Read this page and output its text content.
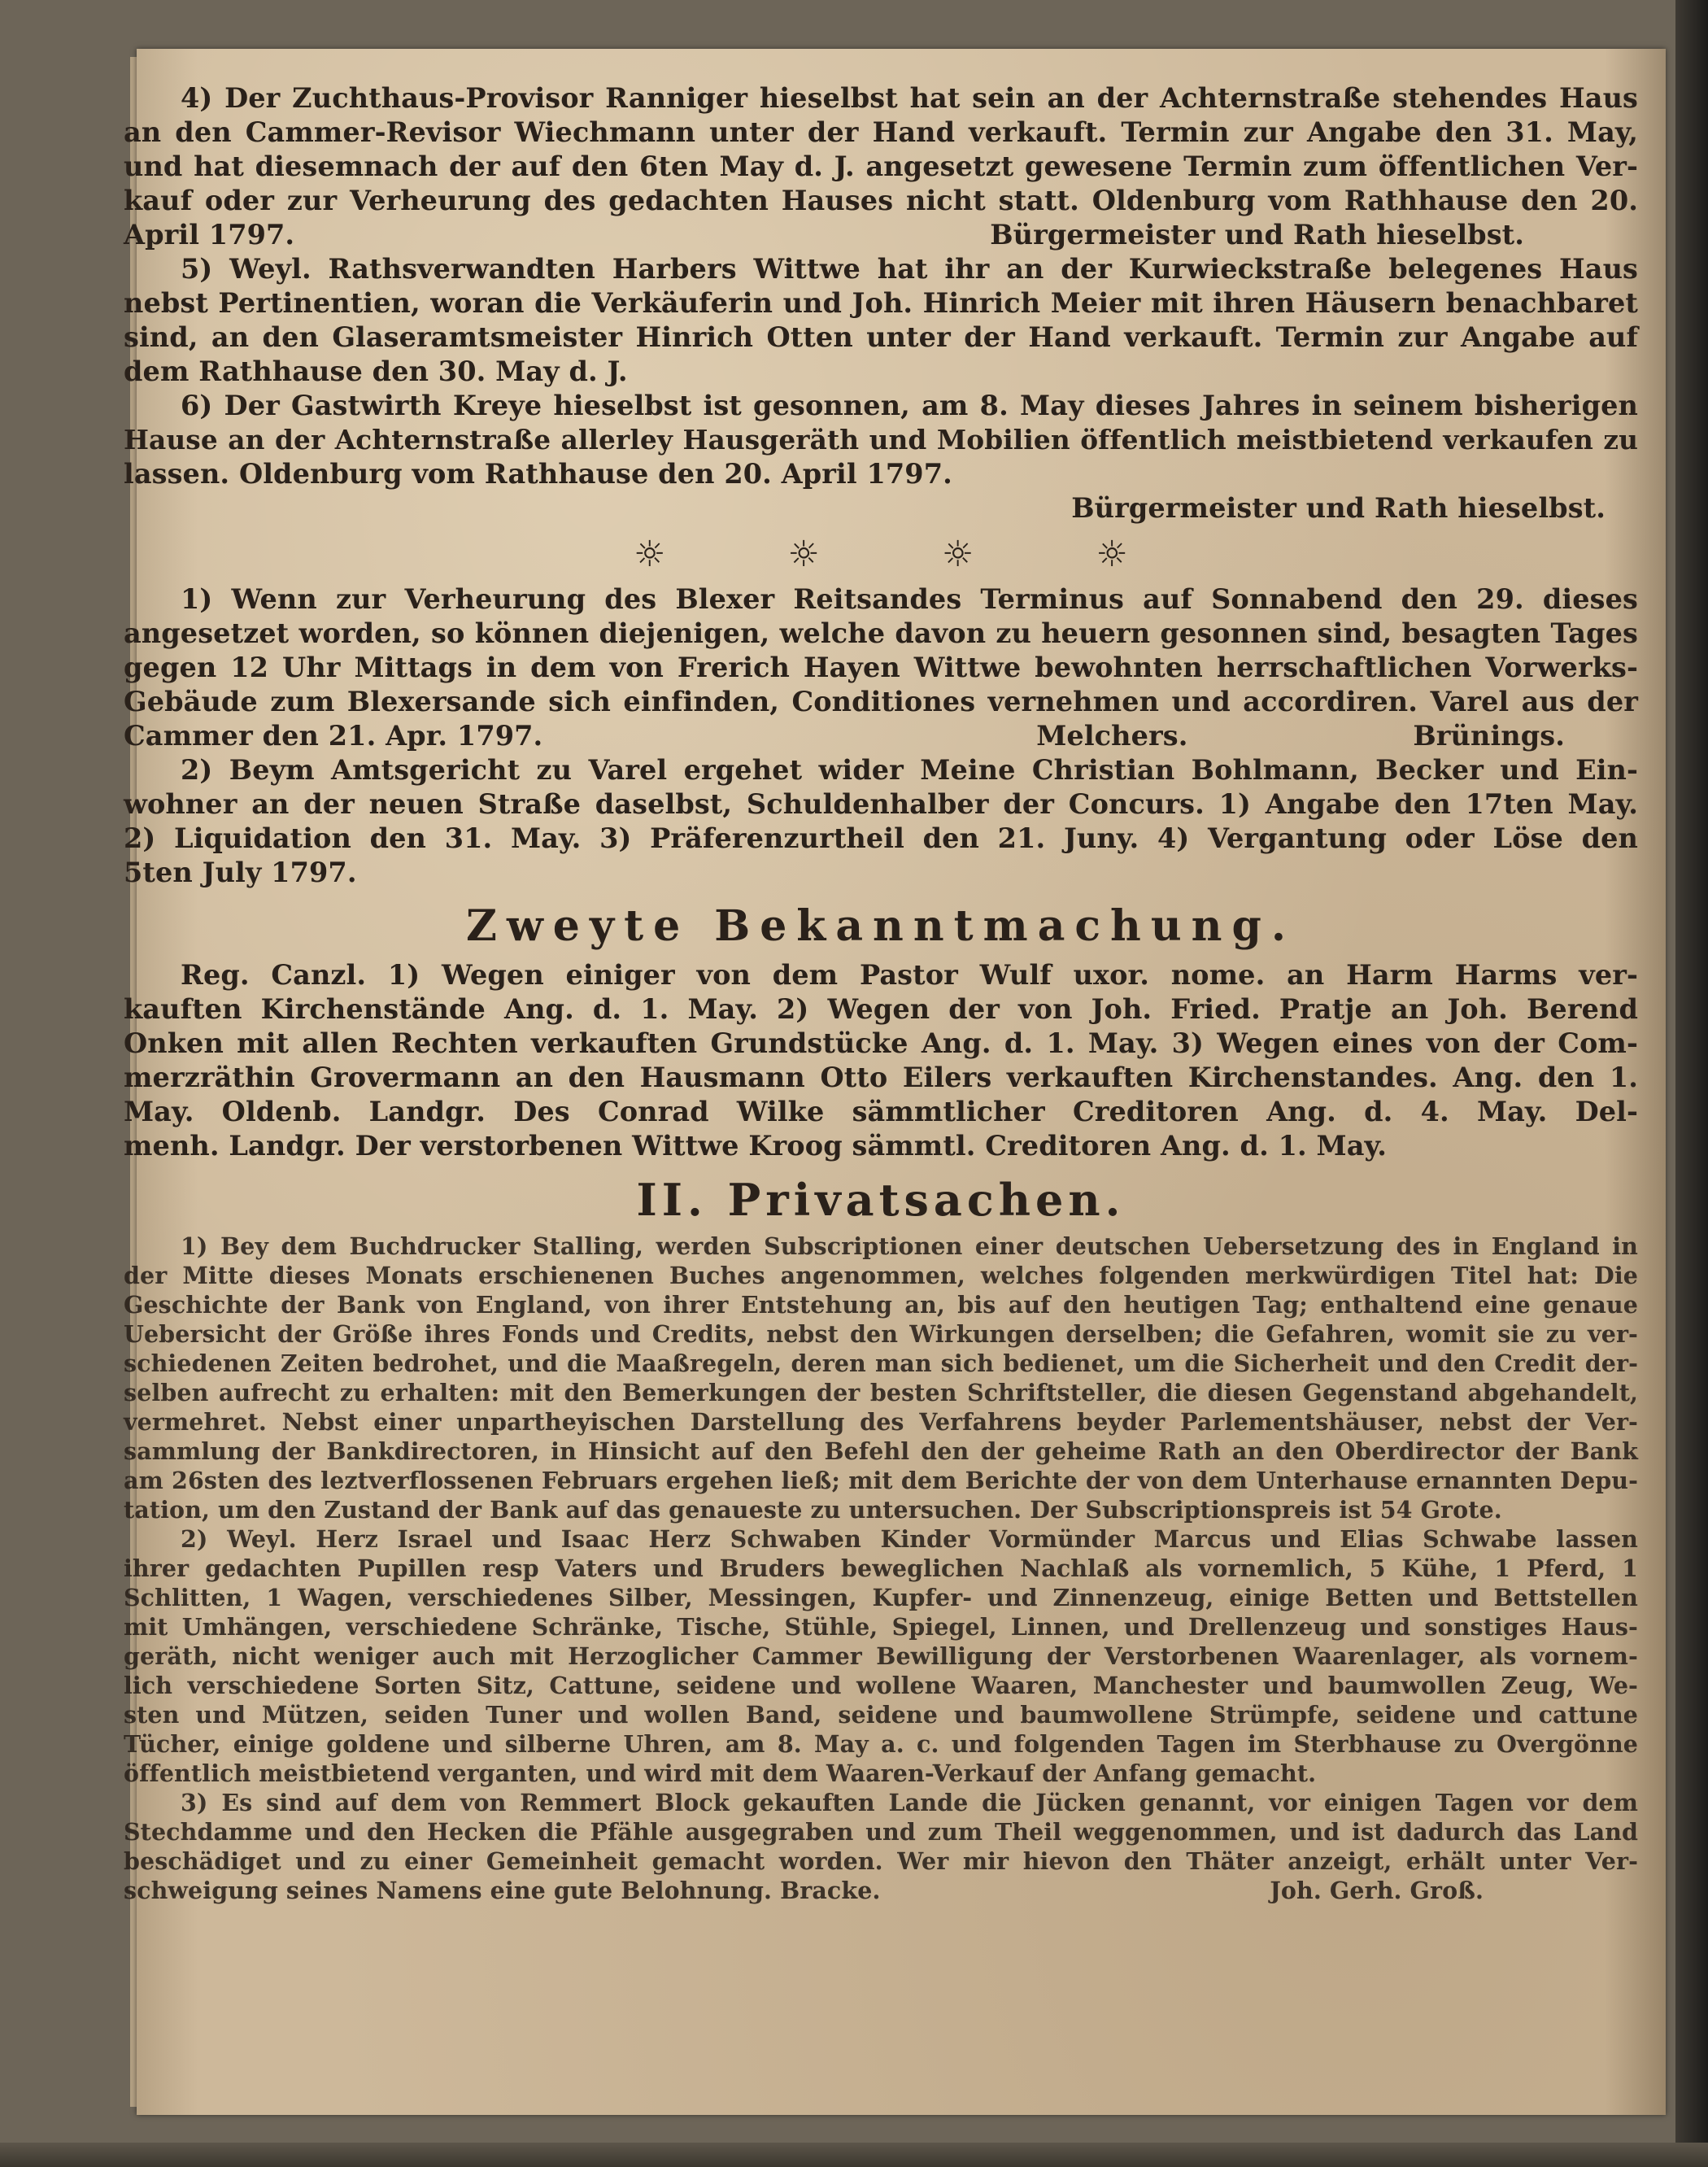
4) Der Zuchthaus-Provisor Ranniger hieselbst hat sein an der Achternstraße stehendes Haus
an den Cammer-Revisor Wiechmann unter der Hand verkauft. Termin zur Angabe den 31. May,
und hat diesemnach der auf den 6ten May d. J. angesetzt gewesene Termin zum öffentlichen Ver-
kauf oder zur Verheurung des gedachten Hauses nicht statt. Oldenburg vom Rathhause den 20.
April 1797.	Bürgermeister und Rath hieselbst.
5) Weyl. Rathsverwandten Harbers Wittwe hat ihr an der Kurwieckstraße belegenes Haus
nebst Pertinentien, woran die Verkäuferin und Joh. Hinrich Meier mit ihren Häusern benachbaret
sind, an den Glaseramtsmeister Hinrich Otten unter der Hand verkauft. Termin zur Angabe auf
dem Rathhause den 30. May d. J.
6) Der Gastwirth Kreye hieselbst ist gesonnen, am 8. May dieses Jahres in seinem bisherigen
Hause an der Achternstraße allerley Hausgeräth und Mobilien öffentlich meistbietend verkaufen zu
lassen. Oldenburg vom Rathhause den 20. April 1797.
Bürgermeister und Rath hieselbst.
☼	☼	☼	☼
1) Wenn zur Verheurung des Blexer Reitsandes Terminus auf Sonnabend den 29. dieses
angesetzet worden, so können diejenigen, welche davon zu heuern gesonnen sind, besagten Tages
gegen 12 Uhr Mittags in dem von Frerich Hayen Wittwe bewohnten herrschaftlichen Vorwerks-
Gebäude zum Blexersande sich einfinden, Conditiones vernehmen und accordiren. Varel aus der
Cammer den 21. Apr. 1797.	Melchers.	Brünings.
2) Beym Amtsgericht zu Varel ergehet wider Meine Christian Bohlmann, Becker und Ein-
wohner an der neuen Straße daselbst, Schuldenhalber der Concurs. 1) Angabe den 17ten May.
2) Liquidation den 31. May. 3) Präferenzurtheil den 21. Juny. 4) Vergantung oder Löse den
5ten July 1797.
Zweyte Bekanntmachung.
Reg. Canzl. 1) Wegen einiger von dem Pastor Wulf uxor. nome. an Harm Harms ver-
kauften Kirchenstände Ang. d. 1. May. 2) Wegen der von Joh. Fried. Pratje an Joh. Berend
Onken mit allen Rechten verkauften Grundstücke Ang. d. 1. May. 3) Wegen eines von der Com-
merzräthin Grovermann an den Hausmann Otto Eilers verkauften Kirchenstandes. Ang. den 1.
May. Oldenb. Landgr. Des Conrad Wilke sämmtlicher Creditoren Ang. d. 4. May. Del-
menh. Landgr. Der verstorbenen Wittwe Kroog sämmtl. Creditoren Ang. d. 1. May.
II. Privatsachen.
1) Bey dem Buchdrucker Stalling, werden Subscriptionen einer deutschen Uebersetzung des in England in
der Mitte dieses Monats erschienenen Buches angenommen, welches folgenden merkwürdigen Titel hat: Die
Geschichte der Bank von England, von ihrer Entstehung an, bis auf den heutigen Tag; enthaltend eine genaue
Uebersicht der Größe ihres Fonds und Credits, nebst den Wirkungen derselben; die Gefahren, womit sie zu ver-
schiedenen Zeiten bedrohet, und die Maaßregeln, deren man sich bedienet, um die Sicherheit und den Credit der-
selben aufrecht zu erhalten: mit den Bemerkungen der besten Schriftsteller, die diesen Gegenstand abgehandelt,
vermehret. Nebst einer unpartheyischen Darstellung des Verfahrens beyder Parlementshäuser, nebst der Ver-
sammlung der Bankdirectoren, in Hinsicht auf den Befehl den der geheime Rath an den Oberdirector der Bank
am 26sten des leztverflossenen Februars ergehen ließ; mit dem Berichte der von dem Unterhause ernannten Depu-
tation, um den Zustand der Bank auf das genaueste zu untersuchen. Der Subscriptionspreis ist 54 Grote.
2) Weyl. Herz Israel und Isaac Herz Schwaben Kinder Vormünder Marcus und Elias Schwabe lassen
ihrer gedachten Pupillen resp Vaters und Bruders beweglichen Nachlaß als vornemlich, 5 Kühe, 1 Pferd, 1
Schlitten, 1 Wagen, verschiedenes Silber, Messingen, Kupfer- und Zinnenzeug, einige Betten und Bettstellen
mit Umhängen, verschiedene Schränke, Tische, Stühle, Spiegel, Linnen, und Drellenzeug und sonstiges Haus-
geräth, nicht weniger auch mit Herzoglicher Cammer Bewilligung der Verstorbenen Waarenlager, als vornem-
lich verschiedene Sorten Sitz, Cattune, seidene und wollene Waaren, Manchester und baumwollen Zeug, We-
sten und Mützen, seiden Tuner und wollen Band, seidene und baumwollene Strümpfe, seidene und cattune
Tücher, einige goldene und silberne Uhren, am 8. May a. c. und folgenden Tagen im Sterbhause zu Overgönne
öffentlich meistbietend verganten, und wird mit dem Waaren-Verkauf der Anfang gemacht.
3) Es sind auf dem von Remmert Block gekauften Lande die Jücken genannt, vor einigen Tagen vor dem
Stechdamme und den Hecken die Pfähle ausgegraben und zum Theil weggenommen, und ist dadurch das Land
beschädiget und zu einer Gemeinheit gemacht worden. Wer mir hievon den Thäter anzeigt, erhält unter Ver-
schweigung seines Namens eine gute Belohnung. Bracke.	Joh. Gerh. Groß.
